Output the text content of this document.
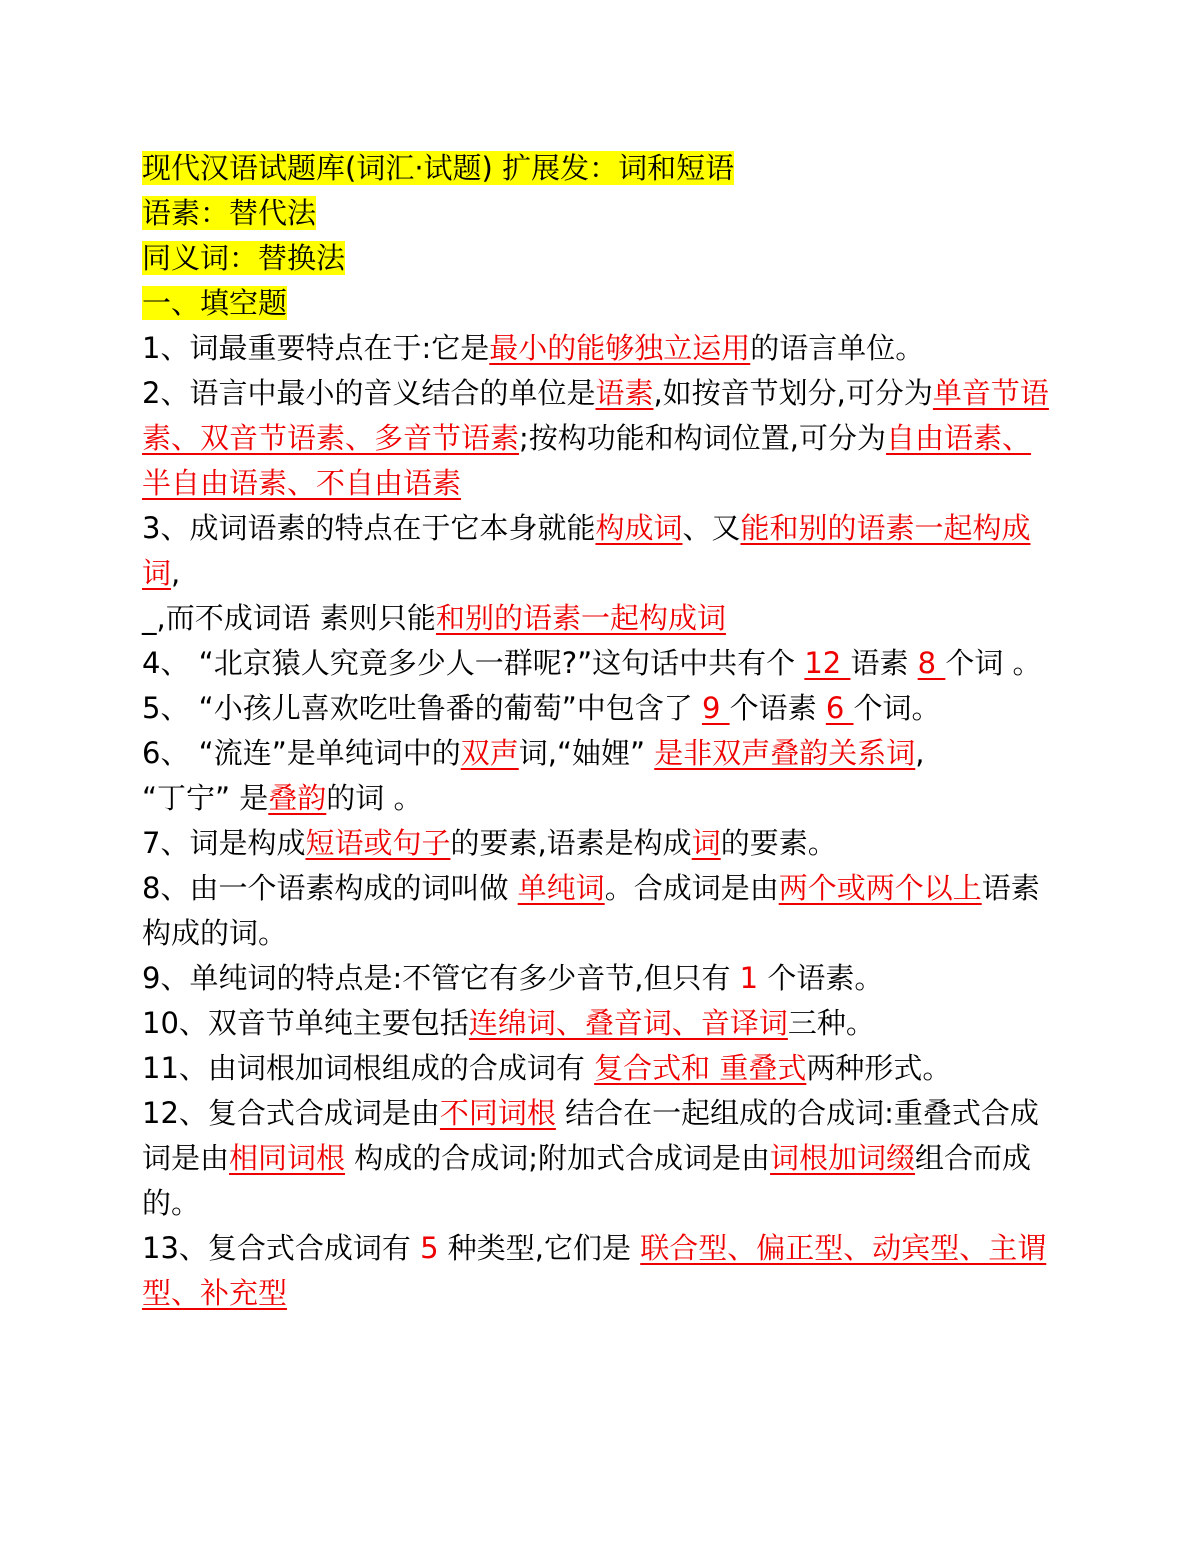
现代汉语试题库(词汇·试题) 扩展发：词和短语

语素：替代法

同义词：替换法

一、填空题

1、词最重要特点在于:它是最小的能够独立运用的语言单位。

2、语言中最小的音义结合的单位是语素,如按音节划分,可分为单音节语素、双音节语素、多音节语素;按构功能和构词位置,可分为自由语素、半自由语素、不自由语素

3、成词语素的特点在于它本身就能构成词、又能和别的语素一起构成词,

_,而不成词语 素则只能和别的语素一起构成词

4、 “北京猿人究竟多少人一群呢?”这句话中共有个 12 语素 8 个词 。

5、 “小孩儿喜欢吃吐鲁番的葡萄”中包含了 9 个语素 6 个词。

6、 “流连”是单纯词中的双声词,“妯娌” 是非双声叠韵关系词,

“丁宁” 是叠韵的词 。

7、词是构成短语或句子的要素,语素是构成词的要素。

8、由一个语素构成的词叫做 单纯词。合成词是由两个或两个以上语素构成的词。

9、单纯词的特点是:不管它有多少音节,但只有 1 个语素。

10、双音节单纯主要包括连绵词、叠音词、音译词三种。

11、由词根加词根组成的合成词有 复合式和 重叠式两种形式。

12、复合式合成词是由不同词根 结合在一起组成的合成词:重叠式合成词是由相同词根 构成的合成词;附加式合成词是由词根加词缀组合而成的。

13、复合式合成词有 5 种类型,它们是 联合型、偏正型、动宾型、主谓型、补充型
